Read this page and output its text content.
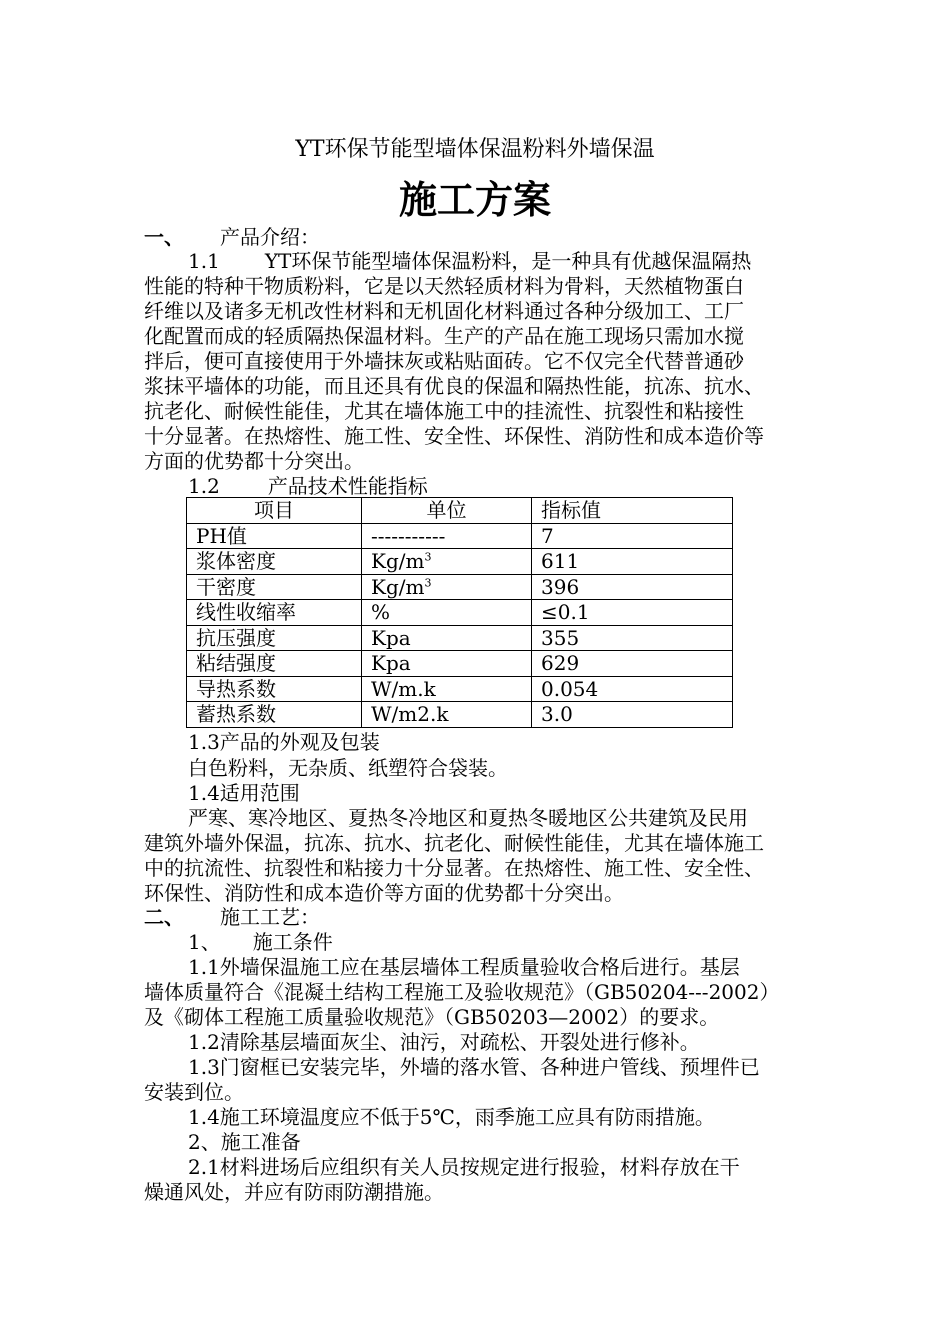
YT环保节能型墙体保温粉料外墙保温
施工方案
一、 产品介绍：
1.1 YT环保节能型墙体保温粉料，是一种具有优越保温隔热
性能的特种干物质粉料，它是以天然轻质材料为骨料，天然植物蛋白
纤维以及诸多无机改性材料和无机固化材料通过各种分级加工、工厂
化配置而成的轻质隔热保温材料。生产的产品在施工现场只需加水搅
拌后，便可直接使用于外墙抹灰或粘贴面砖。它不仅完全代替普通砂
浆抹平墙体的功能，而且还具有优良的保温和隔热性能，抗冻、抗水、
抗老化、耐候性能佳，尤其在墙体施工中的挂流性、抗裂性和粘接性
十分显著。在热熔性、施工性、安全性、环保性、消防性和成本造价等
方面的优势都十分突出。
1.2 产品技术性能指标
项目	单位	指标值
PH值	-----------	7
浆体密度	$Kg/m^3$	611
干密度	$Kg/m^3$	396
线性收缩率	%	≤0.1
抗压强度	Kpa	355
粘结强度	Kpa	629
导热系数	W/m.k	0.054
蓄热系数	W/m2.k	3.0
1.3产品的外观及包装
白色粉料，无杂质、纸塑符合袋装。
1.4适用范围
严寒、寒冷地区、夏热冬冷地区和夏热冬暖地区公共建筑及民用
建筑外墙外保温，抗冻、抗水、抗老化、耐候性能佳，尤其在墙体施工
中的抗流性、抗裂性和粘接力十分显著。在热熔性、施工性、安全性、
环保性、消防性和成本造价等方面的优势都十分突出。
二、 施工工艺：
1、 施工条件
1.1外墙保温施工应在基层墙体工程质量验收合格后进行。基层
墙体质量符合《混凝土结构工程施工及验收规范》（GB50204---2002）
及《砌体工程施工质量验收规范》（GB50203—2002）的要求。
1.2清除基层墙面灰尘、油污，对疏松、开裂处进行修补。
1.3门窗框已安装完毕，外墙的落水管、各种进户管线、预埋件已
安装到位。
1.4施工环境温度应不低于5℃，雨季施工应具有防雨措施。
2、施工准备
2.1材料进场后应组织有关人员按规定进行报验，材料存放在干
燥通风处，并应有防雨防潮措施。
